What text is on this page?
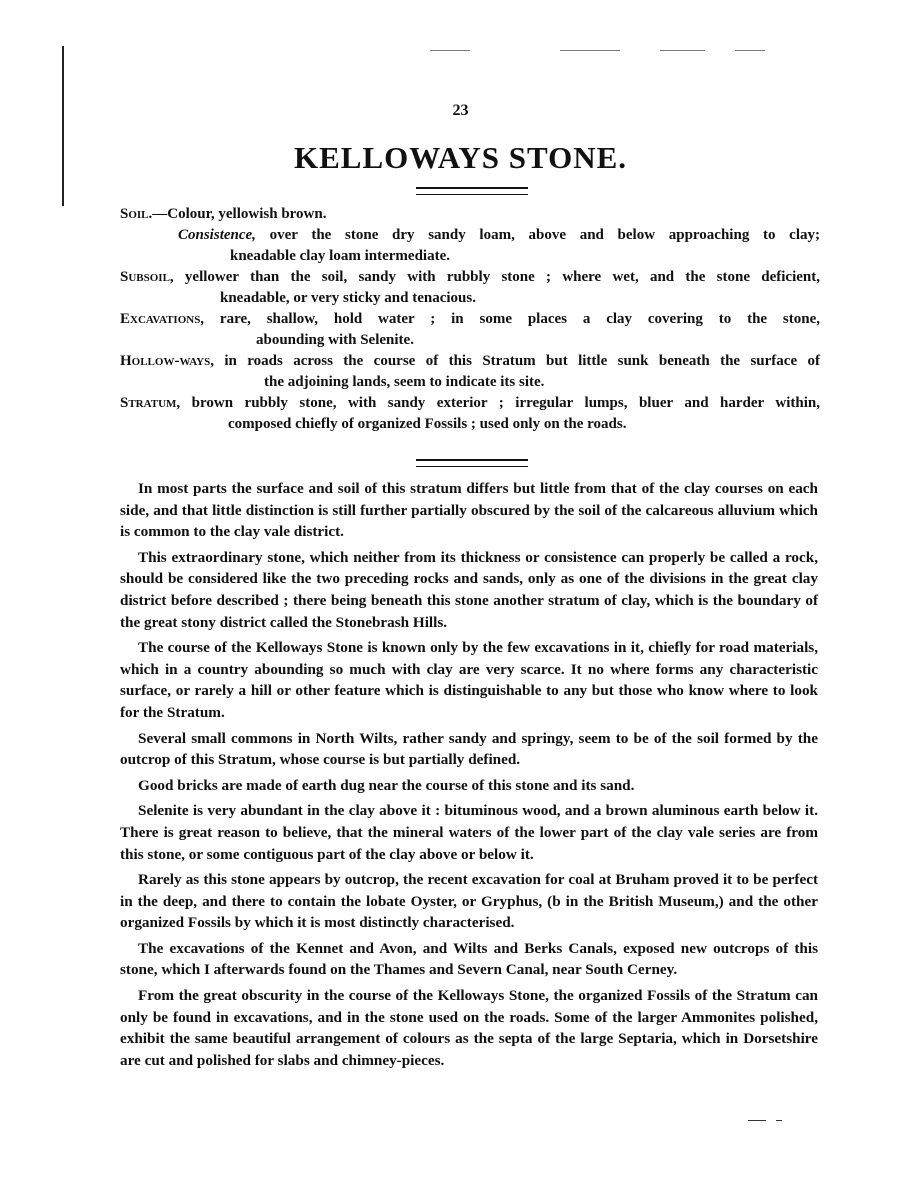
23
KELLOWAYS STONE.
Soil.—Colour, yellowish brown.
Consistence, over the stone dry sandy loam, above and below approaching to clay;
kneadable clay loam intermediate.
Subsoil, yellower than the soil, sandy with rubbly stone ; where wet, and the stone deficient,
kneadable, or very sticky and tenacious.
Excavations, rare, shallow, hold water ; in some places a clay covering to the stone,
abounding with Selenite.
Hollow-ways, in roads across the course of this Stratum but little sunk beneath the surface of
the adjoining lands, seem to indicate its site.
Stratum, brown rubbly stone, with sandy exterior ; irregular lumps, bluer and harder within,
composed chiefly of organized Fossils ; used only on the roads.

In most parts the surface and soil of this stratum differs but little from that of the clay courses on each side, and that little distinction is still further partially obscured by the soil of the calcareous alluvium which is common to the clay vale district.

This extraordinary stone, which neither from its thickness or consistence can properly be called a rock, should be considered like the two preceding rocks and sands, only as one of the divisions in the great clay district before described ; there being beneath this stone another stratum of clay, which is the boundary of the great stony district called the Stonebrash Hills.

The course of the Kelloways Stone is known only by the few excavations in it, chiefly for road materials, which in a country abounding so much with clay are very scarce. It no where forms any characteristic surface, or rarely a hill or other feature which is distinguishable to any but those who know where to look for the Stratum.

Several small commons in North Wilts, rather sandy and springy, seem to be of the soil formed by the outcrop of this Stratum, whose course is but partially defined.

Good bricks are made of earth dug near the course of this stone and its sand.

Selenite is very abundant in the clay above it : bituminous wood, and a brown aluminous earth below it. There is great reason to believe, that the mineral waters of the lower part of the clay vale series are from this stone, or some contiguous part of the clay above or below it.

Rarely as this stone appears by outcrop, the recent excavation for coal at Bruham proved it to be perfect in the deep, and there to contain the lobate Oyster, or Gryphus, (b in the British Museum,) and the other organized Fossils by which it is most distinctly characterised.

The excavations of the Kennet and Avon, and Wilts and Berks Canals, exposed new outcrops of this stone, which I afterwards found on the Thames and Severn Canal, near South Cerney.

From the great obscurity in the course of the Kelloways Stone, the organized Fossils of the Stratum can only be found in excavations, and in the stone used on the roads. Some of the larger Ammonites polished, exhibit the same beautiful arrangement of colours as the septa of the large Septaria, which in Dorsetshire are cut and polished for slabs and chimney-pieces.
